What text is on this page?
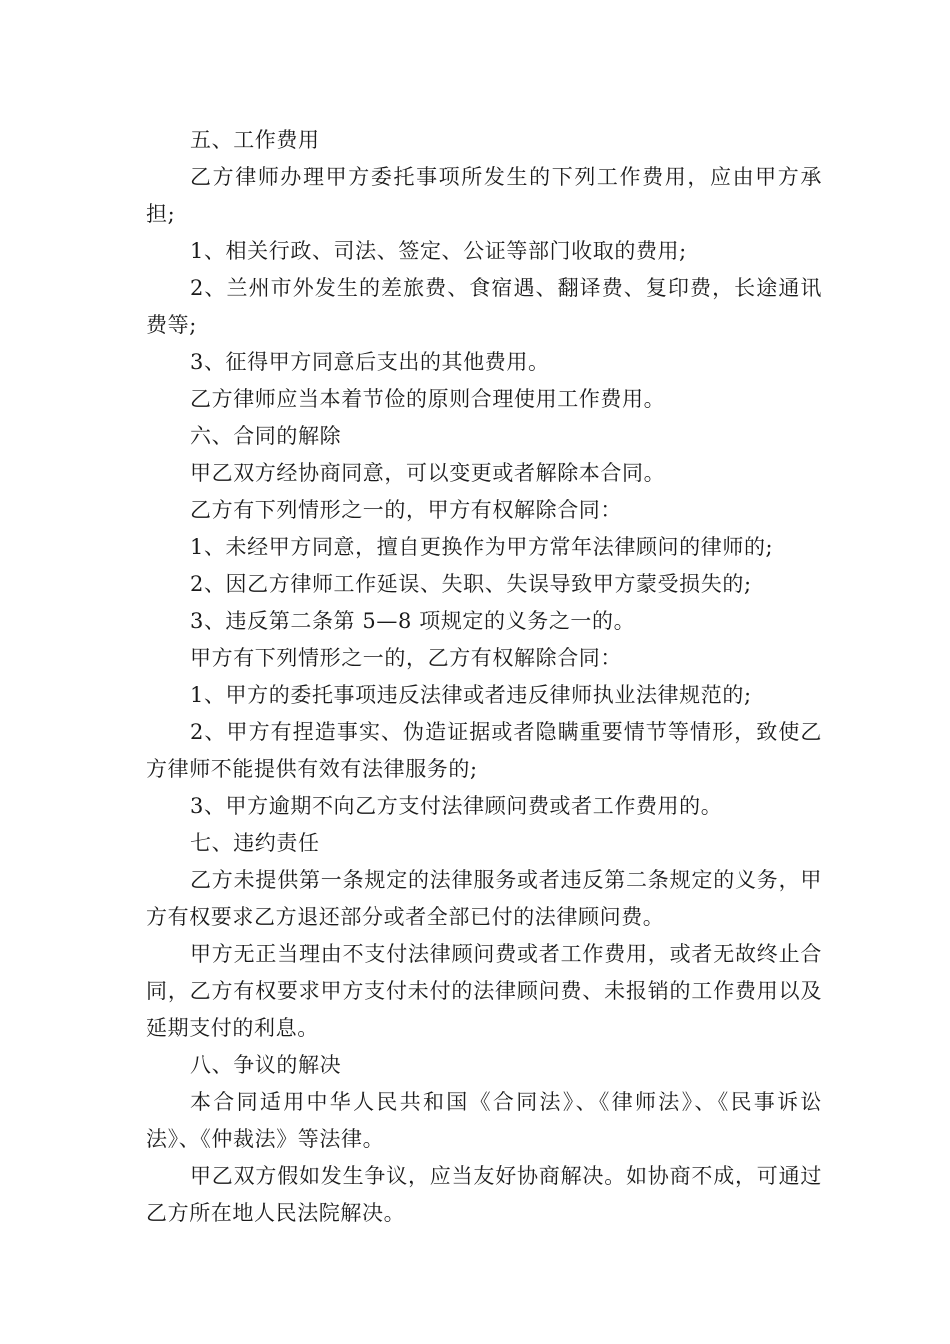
五、工作费用

乙方律师办理甲方委托事项所发生的下列工作费用，应由甲方承担;

1、相关行政、司法、签定、公证等部门收取的费用;

2、兰州市外发生的差旅费、食宿遇、翻译费、复印费，长途通讯费等;

3、征得甲方同意后支出的其他费用。

乙方律师应当本着节俭的原则合理使用工作费用。

六、合同的解除

甲乙双方经协商同意，可以变更或者解除本合同。

乙方有下列情形之一的，甲方有权解除合同：

1、未经甲方同意，擅自更换作为甲方常年法律顾问的律师的;

2、因乙方律师工作延误、失职、失误导致甲方蒙受损失的;

3、违反第二条第 5—8 项规定的义务之一的。

甲方有下列情形之一的，乙方有权解除合同：

1、甲方的委托事项违反法律或者违反律师执业法律规范的;

2、甲方有捏造事实、伪造证据或者隐瞒重要情节等情形，致使乙方律师不能提供有效有法律服务的;

3、甲方逾期不向乙方支付法律顾问费或者工作费用的。

七、违约责任

乙方未提供第一条规定的法律服务或者违反第二条规定的义务，甲方有权要求乙方退还部分或者全部已付的法律顾问费。

甲方无正当理由不支付法律顾问费或者工作费用，或者无故终止合同，乙方有权要求甲方支付未付的法律顾问费、未报销的工作费用以及延期支付的利息。

八、争议的解决

本合同适用中华人民共和国《合同法》、《律师法》、《民事诉讼法》、《仲裁法》等法律。

甲乙双方假如发生争议，应当友好协商解决。如协商不成，可通过乙方所在地人民法院解决。
